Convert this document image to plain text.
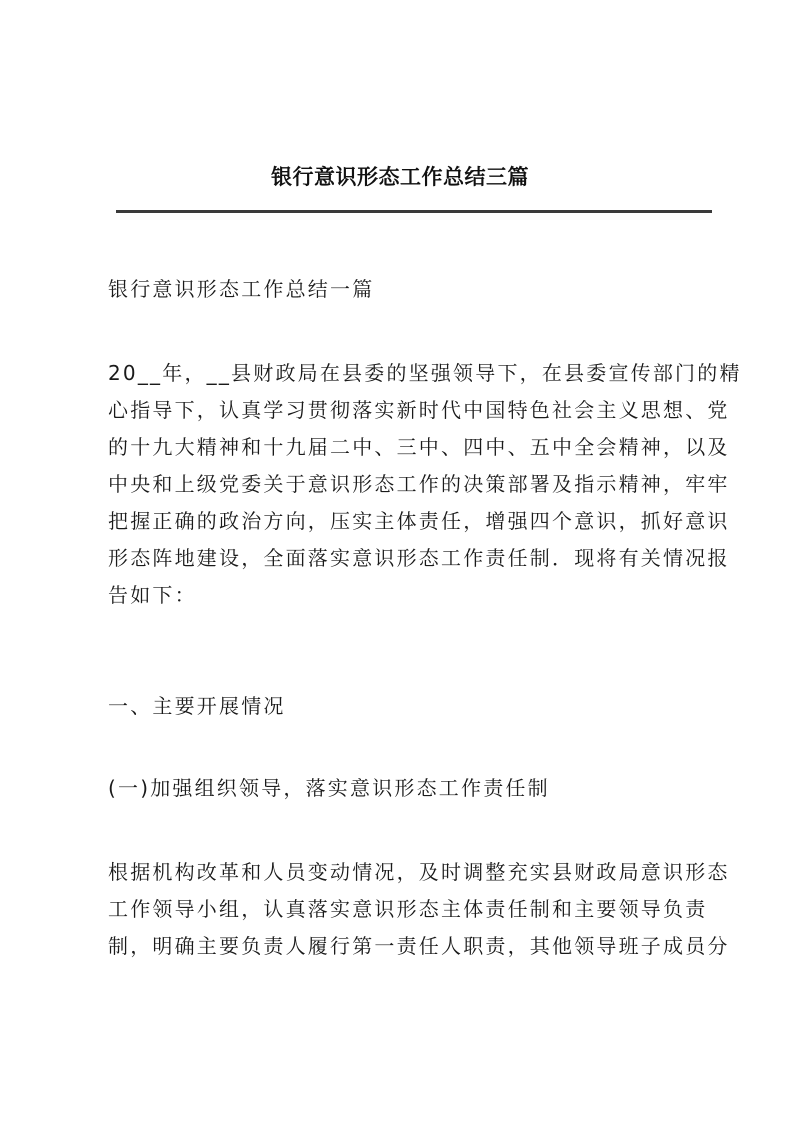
银行意识形态工作总结三篇
银行意识形态工作总结一篇
20__年，__县财政局在县委的坚强领导下，在县委宣传部门的精
心指导下，认真学习贯彻落实新时代中国特色社会主义思想、党
的十九大精神和十九届二中、三中、四中、五中全会精神，以及
中央和上级党委关于意识形态工作的决策部署及指示精神，牢牢
把握正确的政治方向，压实主体责任，增强四个意识，抓好意识
形态阵地建设，全面落实意识形态工作责任制．现将有关情况报
告如下：
一、主要开展情况
(一)加强组织领导，落实意识形态工作责任制
根据机构改革和人员变动情况，及时调整充实县财政局意识形态
工作领导小组，认真落实意识形态主体责任制和主要领导负责
制，明确主要负责人履行第一责任人职责，其他领导班子成员分
